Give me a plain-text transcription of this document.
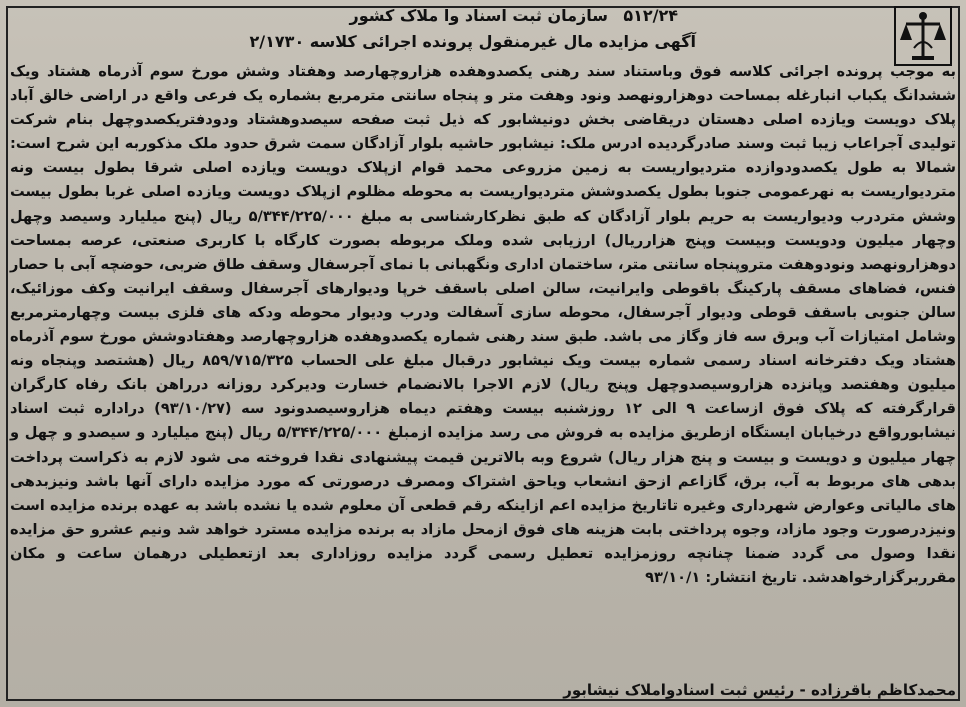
۵۱۲/۲۴
سازمان ثبت اسناد وا ملاک کشور
آگهی مزایده مال غیرمنقول پرونده اجرائی کلاسه ۲/۱۷۳۰

به موجب پرونده اجرائی کلاسه فوق وباستناد سند رهنی یکصدوهفده هزاروچهارصد وهفتاد وشش مورخ سوم آذرماه هشتاد ویک ششدانگ یکباب انبارغله بمساحت دوهزارونهصد ونود وهفت متر و پنجاه سانتی مترمربع بشماره یک فرعی واقع در اراضی خالق آباد پلاک دویست ویازده اصلی دهستان دریقاضی بخش دونیشابور که ذیل ثبت صفحه سیصدوهشتاد ودودفتریکصدوچهل بنام شرکت تولیدی آجراعاب زیبا ثبت وسند صادرگردیده ادرس ملک: نیشابور حاشیه بلوار آزادگان سمت شرق حدود ملک مذکوربه این شرح است: شمالا به طول یکصدودوازده متردیواریست به زمین مزروعی محمد قوام ازپلاک دویست ویازده اصلی شرقا بطول بیست ونه متردیواریست به نهرعمومی جنوبا بطول یکصدوشش متردیواریست به محوطه مظلوم ازپلاک دویست ویازده اصلی غربا بطول بیست وشش متردرب ودیواریست به حریم بلوار آزادگان که طبق نظرکارشناسی به مبلغ ۵/۳۴۴/۲۲۵/۰۰۰ ریال (پنج میلیارد وسیصد وچهل وچهار میلیون ودویست وبیست وپنج هزارریال) ارزیابی شده وملک مربوطه بصورت کارگاه با کاربری صنعتی، عرصه بمساحت دوهزارونهصد ونودوهفت متروپنجاه سانتی متر، ساختمان اداری ونگهبانی با نمای آجرسفال وسقف طاق ضربی، حوضچه آبی با حصار فنس، فضاهای مسقف پارکینگ باقوطی وایرانیت، سالن اصلی باسقف خرپا ودیوارهای آجرسفال وسقف ایرانیت وکف موزائیک، سالن جنوبی باسقف قوطی ودیوار آجرسفال، محوطه سازی آسفالت ودرب ودیوار محوطه ودکه های فلزی بیست وچهارمترمربع وشامل امتیازات آب وبرق سه فاز وگاز می باشد. طبق سند رهنی شماره یکصدوهفده هزاروچهارصد وهفتادوشش مورخ سوم آذرماه هشتاد ویک دفترخانه اسناد رسمی شماره بیست ویک نیشابور درقبال مبلغ علی الحساب ۸۵۹/۷۱۵/۳۲۵ ریال (هشتصد وپنجاه ونه میلیون وهفتصد وپانزده هزاروسیصدوچهل وپنج ریال) لازم الاجرا بالانضمام خسارت ودیرکرد روزانه درراهن بانک رفاه کارگران قرارگرفته که پلاک فوق ازساعت ۹ الی ۱۲ روزشنبه بیست وهفتم دیماه هزاروسیصدونود سه (۹۳/۱۰/۲۷) دراداره ثبت اسناد نیشابورواقع درخیابان ایستگاه ازطریق مزایده به فروش می رسد مزایده ازمبلغ ۵/۳۴۴/۲۲۵/۰۰۰ ریال (پنج میلیارد و سیصدو و چهل و چهار میلیون و دویست و بیست و پنج هزار ریال) شروع وبه بالاترین قیمت پیشنهادی نقدا فروخته می شود لازم به ذکراست پرداخت بدهی های مربوط به آب، برق، گازاعم ازحق انشعاب ویاحق اشتراک ومصرف درصورتی که مورد مزایده دارای آنها باشد ونیزبدهی های مالیاتی وعوارض شهرداری وغیره تاتاریخ مزایده اعم ازاینکه رقم قطعی آن معلوم شده یا نشده باشد به عهده برنده مزایده است ونیزدرصورت وجود مازاد، وجوه پرداختی بابت هزینه های فوق ازمحل مازاد به برنده مزایده مسترد خواهد شد ونیم عشرو حق مزایده نقدا وصول می گردد ضمنا چنانچه روزمزایده تعطیل رسمی گردد مزایده روزاداری بعد ازتعطیلی درهمان ساعت و مکان مقرربرگزارخواهدشد. تاریخ انتشار: ۹۳/۱۰/۱

محمدکاظم باقرزاده - رئیس ثبت اسنادواملاک نیشابور
